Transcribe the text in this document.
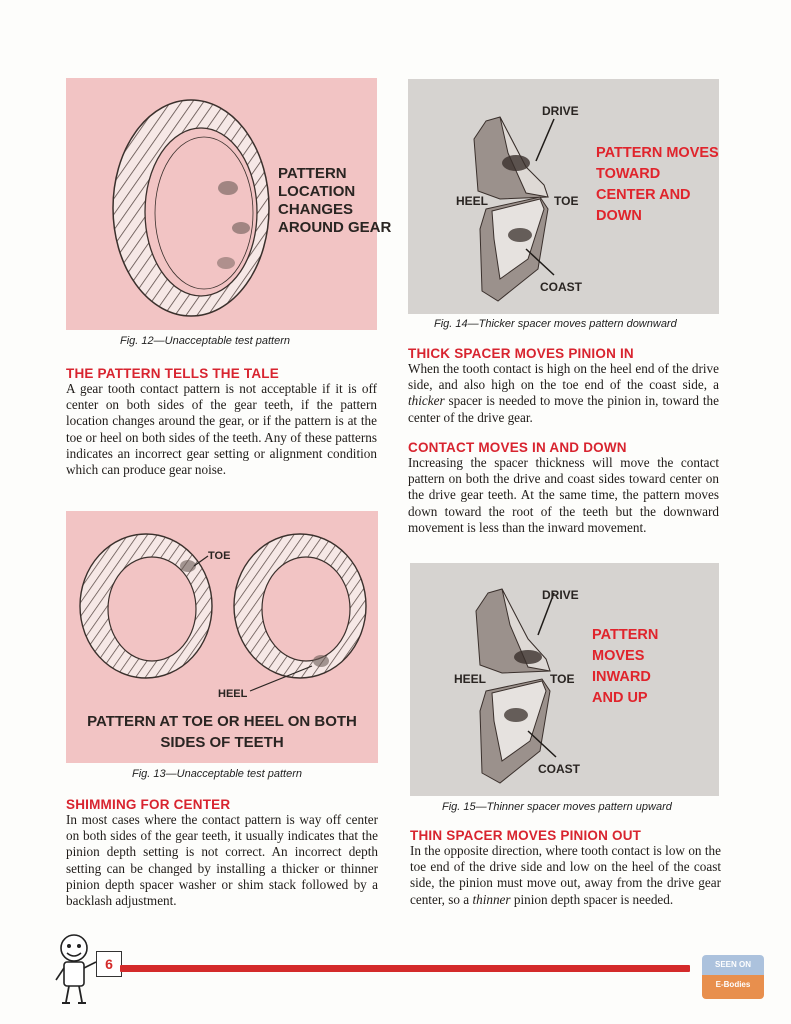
PATTERN
LOCATION
CHANGES
AROUND GEAR
Fig. 12—Unacceptable test pattern
THE PATTERN TELLS THE TALE

A gear tooth contact pattern is not acceptable if it is off center on both sides of the gear teeth, if the pattern location changes around the gear, or if the pattern is at the toe or heel on both sides of the teeth. Any of these patterns indicates an incorrect gear setting or alignment condition which can produce gear noise.

TOE
HEEL
PATTERN AT TOE OR HEEL ON BOTH
SIDES OF TEETH
Fig. 13—Unacceptable test pattern
SHIMMING FOR CENTER

In most cases where the contact pattern is way off center on both sides of the gear teeth, it usually indicates that the pinion depth setting is not correct. An incorrect depth setting can be changed by installing a thicker or thinner pinion depth spacer washer or shim stack followed by a backlash adjustment.

DRIVE
HEEL	TOE
COAST
PATTERN MOVES
TOWARD
CENTER AND
DOWN
Fig. 14—Thicker spacer moves pattern downward
THICK SPACER MOVES PINION IN

When the tooth contact is high on the heel end of the drive side, and also high on the toe end of the coast side, a thicker spacer is needed to move the pinion in, toward the center of the drive gear.

CONTACT MOVES IN AND DOWN

Increasing the spacer thickness will move the contact pattern on both the drive and coast sides toward center on the drive gear teeth. At the same time, the pattern moves down toward the root of the teeth but the downward movement is less than the inward movement.

DRIVE
HEEL	TOE
COAST
PATTERN
MOVES
INWARD
AND UP
Fig. 15—Thinner spacer moves pattern upward
THIN SPACER MOVES PINION OUT

In the opposite direction, where tooth contact is low on the toe end of the drive side and low on the heel of the coast side, the pinion must move out, away from the drive gear center, so a thinner pinion depth spacer is needed.

6	SEEN ON
E-Bodies
